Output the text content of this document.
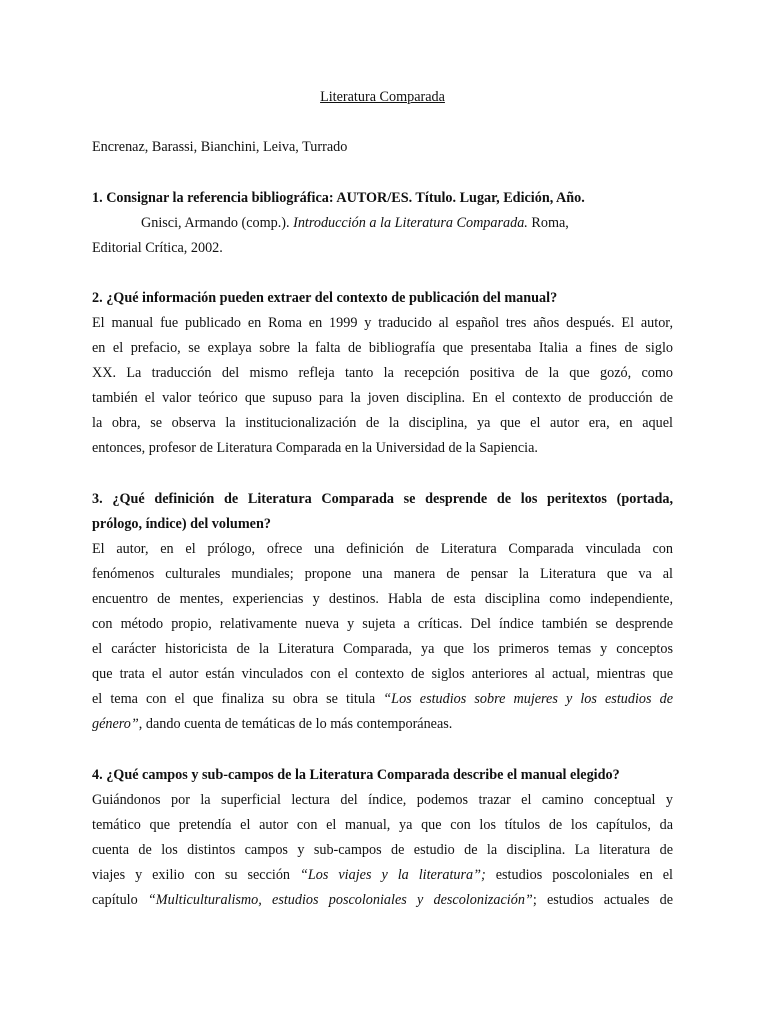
Literatura Comparada
Encrenaz, Barassi, Bianchini, Leiva, Turrado
1. Consignar la referencia bibliográfica: AUTOR/ES. Título. Lugar, Edición, Año.
Gnisci, Armando (comp.). Introducción a la Literatura Comparada. Roma,
Editorial Crítica, 2002.
2. ¿Qué información pueden extraer del contexto de publicación del manual?
El manual fue publicado en Roma en 1999 y traducido al español tres años después. El autor,
en el prefacio, se explaya sobre la falta de bibliografía que presentaba Italia a fines de siglo
XX. La traducción del mismo refleja tanto la recepción positiva de la que gozó, como
también el valor teórico que supuso para la joven disciplina. En el contexto de producción de
la obra, se observa la institucionalización de la disciplina, ya que el autor era, en aquel
entonces, profesor de Literatura Comparada en la Universidad de la Sapiencia.
3. ¿Qué definición de Literatura Comparada se desprende de los peritextos (portada,
prólogo, índice) del volumen?
El autor, en el prólogo, ofrece una definición de Literatura Comparada vinculada con
fenómenos culturales mundiales; propone una manera de pensar la Literatura que va al
encuentro de mentes, experiencias y destinos. Habla de esta disciplina como independiente,
con método propio, relativamente nueva y sujeta a críticas. Del índice también se desprende
el carácter historicista de la Literatura Comparada, ya que los primeros temas y conceptos
que trata el autor están vinculados con el contexto de siglos anteriores al actual, mientras que
el tema con el que finaliza su obra se titula “Los estudios sobre mujeres y los estudios de
género”, dando cuenta de temáticas de lo más contemporáneas.
4. ¿Qué campos y sub-campos de la Literatura Comparada describe el manual elegido?
Guiándonos por la superficial lectura del índice, podemos trazar el camino conceptual y
temático que pretendía el autor con el manual, ya que con los títulos de los capítulos, da
cuenta de los distintos campos y sub-campos de estudio de la disciplina. La literatura de
viajes y exilio con su sección “Los viajes y la literatura”; estudios poscoloniales en el
capítulo “Multiculturalismo, estudios poscoloniales y descolonización”; estudios actuales de
